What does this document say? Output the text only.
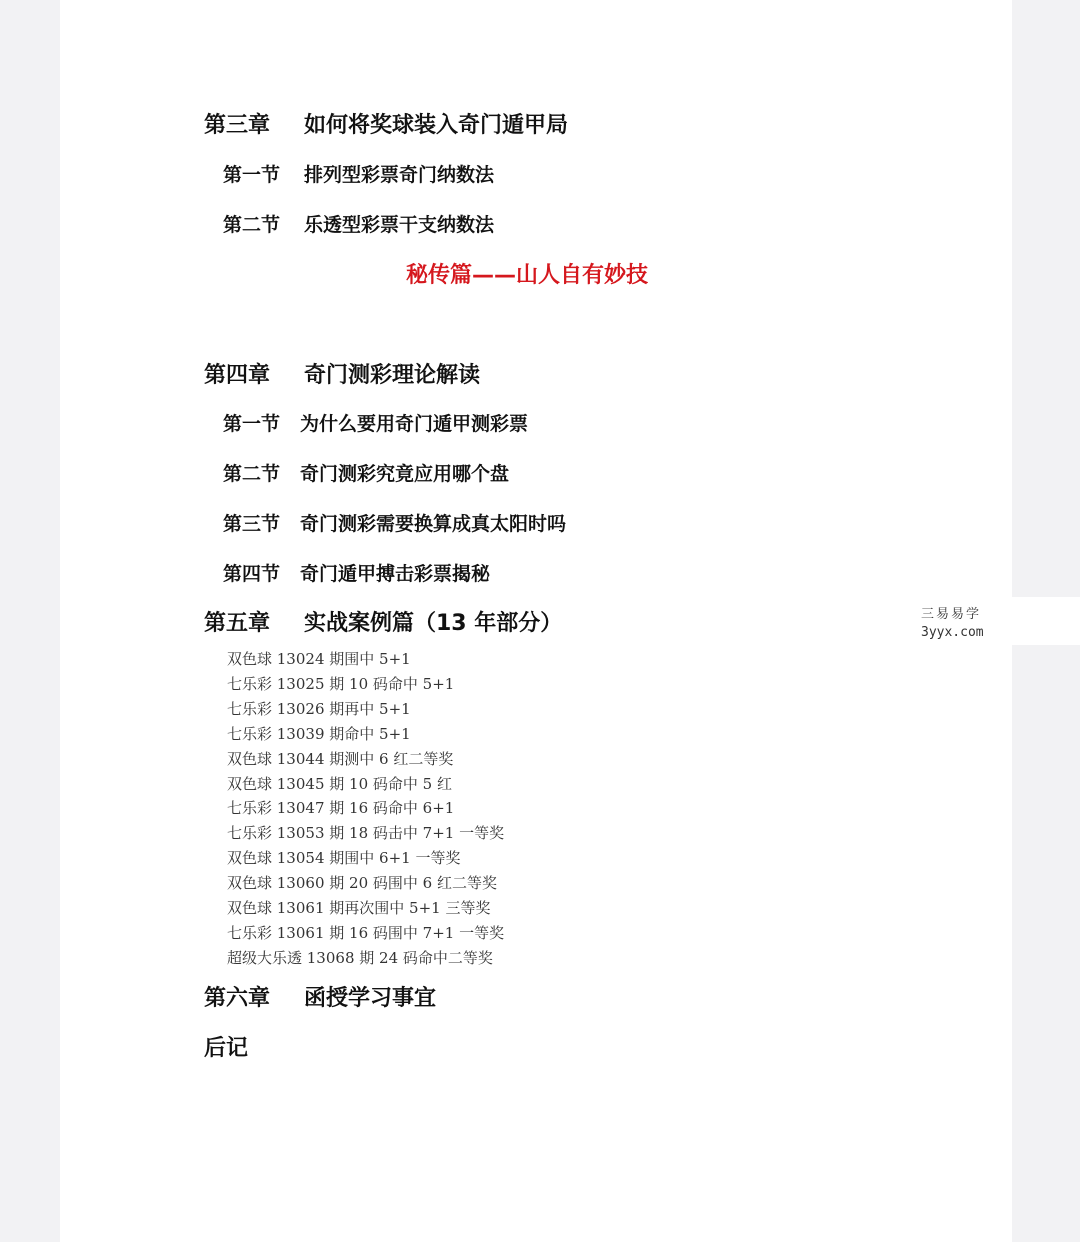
第三章 如何将奖球装入奇门遁甲局
第一节 排列型彩票奇门纳数法
第二节 乐透型彩票干支纳数法
秘传篇——山人自有妙技
第四章 奇门测彩理论解读
第一节 为什么要用奇门遁甲测彩票
第二节 奇门测彩究竟应用哪个盘
第三节 奇门测彩需要换算成真太阳时吗
第四节 奇门遁甲搏击彩票揭秘
第五章 实战案例篇（13 年部分）
双色球 13024 期围中 5+1
七乐彩 13025 期 10 码命中 5+1
七乐彩 13026 期再中 5+1
七乐彩 13039 期命中 5+1
双色球 13044 期测中 6 红二等奖
双色球 13045 期 10 码命中 5 红
七乐彩 13047 期 16 码命中 6+1
七乐彩 13053 期 18 码击中 7+1 一等奖
双色球 13054 期围中 6+1 一等奖
双色球 13060 期 20 码围中 6 红二等奖
双色球 13061 期再次围中 5+1 三等奖
七乐彩 13061 期 16 码围中 7+1 一等奖
超级大乐透 13068 期 24 码命中二等奖
第六章 函授学习事宜
后记
三易易学
3yyx.com
